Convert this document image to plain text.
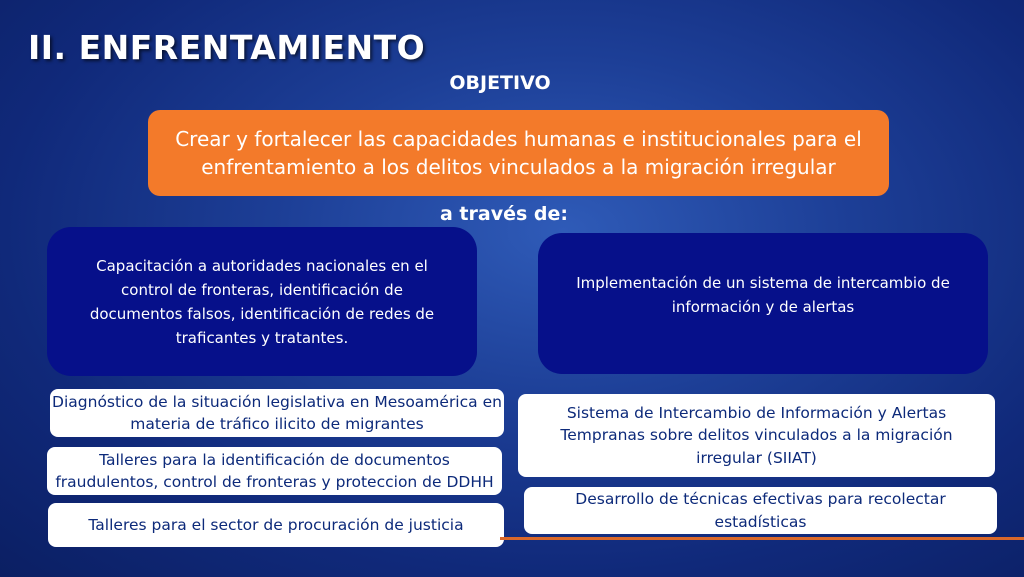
II. ENFRENTAMIENTO
OBJETIVO
Crear y fortalecer las capacidades humanas e institucionales para el enfrentamiento a los delitos vinculados a la migración irregular
a través de:
Capacitación a autoridades nacionales en el control de fronteras, identificación de documentos falsos, identificación de redes de traficantes y tratantes.
Implementación de un sistema de intercambio de información y de alertas
Diagnóstico de la situación legislativa en Mesoamérica en materia de tráfico ilicito de migrantes
Talleres para la identificación de documentos fraudulentos, control de fronteras y proteccion de DDHH
Talleres para el sector de procuración de justicia
Sistema de Intercambio de Información y Alertas Tempranas sobre delitos vinculados a la migración irregular (SIIAT)
Desarrollo de técnicas efectivas para recolectar estadísticas
